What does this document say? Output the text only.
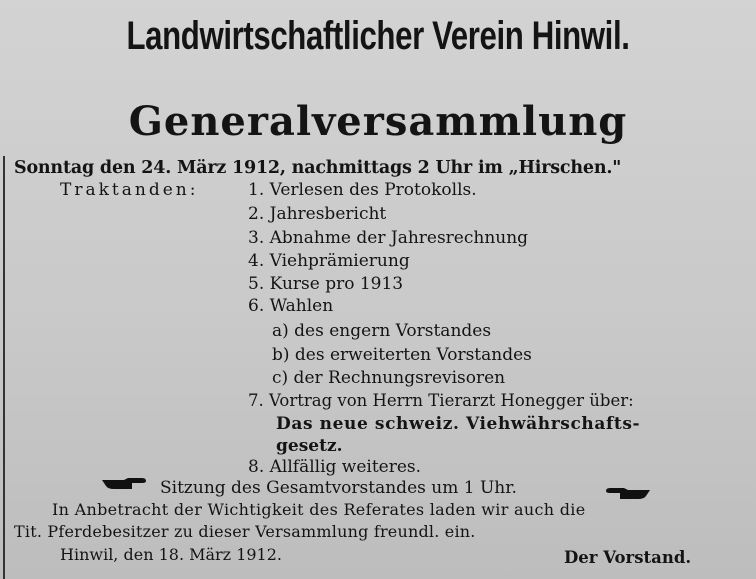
Landwirtschaftlicher Verein Hinwil.
Generalversammlung
Sonntag den 24. März 1912, nachmittags 2 Uhr im „Hirschen."
Traktanden:	1. Verlesen des Protokolls.
2. Jahresbericht
3. Abnahme der Jahresrechnung
4. Viehprämierung
5. Kurse pro 1913
6. Wahlen
a) des engern Vorstandes
b) des erweiterten Vorstandes
c) der Rechnungsrevisoren
7. Vortrag von Herrn Tierarzt Honegger über:
Das neue schweiz. Viehwährschafts-
gesetz.
8. Allfällig weiteres.
Sitzung des Gesamtvorstandes um 1 Uhr.
In Anbetracht der Wichtigkeit des Referates laden wir auch die
Tit. Pferdebesitzer zu dieser Versammlung freundl. ein.
Hinwil, den 18. März 1912.	Der Vorstand.
